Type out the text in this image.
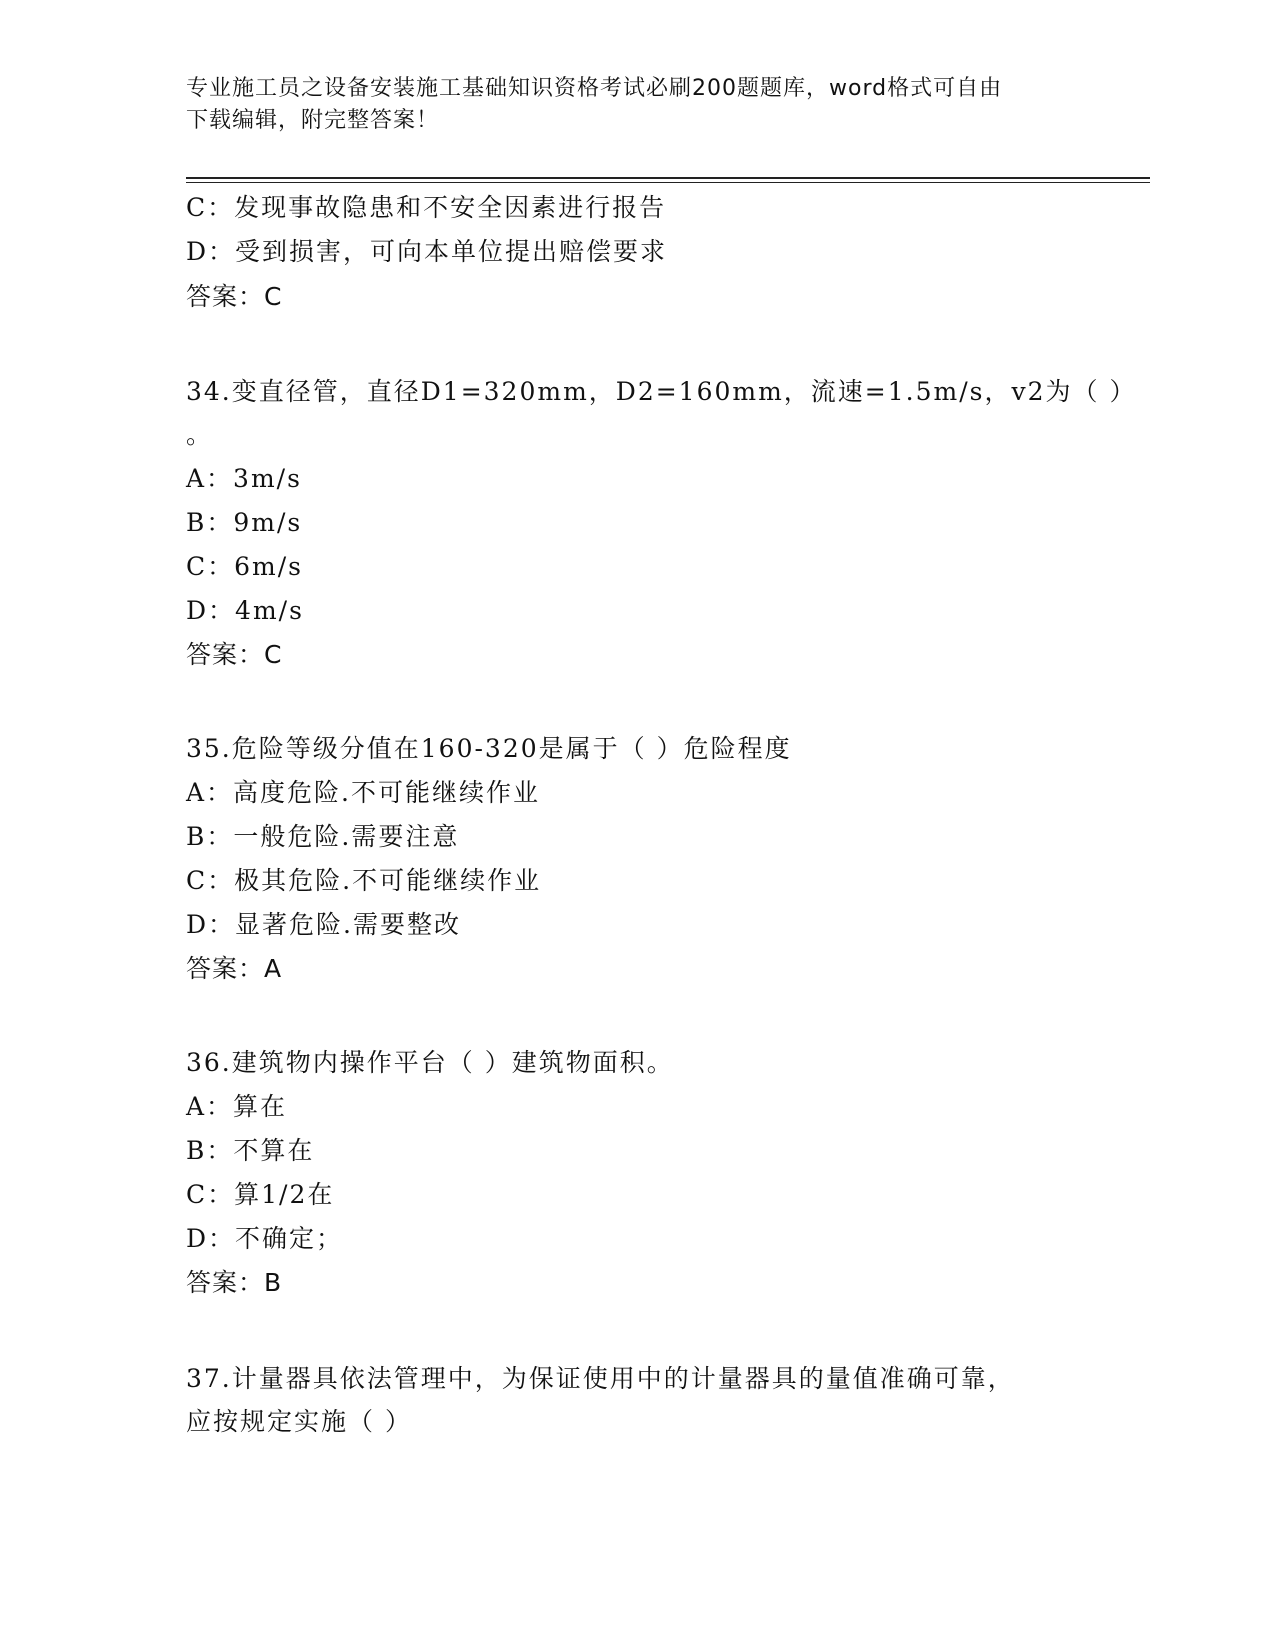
专业施工员之设备安装施工基础知识资格考试必刷200题题库，word格式可自由
下载编辑，附完整答案！
C：发现事故隐患和不安全因素进行报告
D：受到损害，可向本单位提出赔偿要求
答案：C
34.变直径管，直径D1=320mm，D2=160mm，流速=1.5m/s，v2为（ ）
。
A：3m/s
B：9m/s
C：6m/s
D：4m/s
答案：C
35.危险等级分值在160-320是属于（ ）危险程度
A：高度危险.不可能继续作业
B：一般危险.需要注意
C：极其危险.不可能继续作业
D：显著危险.需要整改
答案：A
36.建筑物内操作平台（ ）建筑物面积。
A：算在
B：不算在
C：算1/2在
D：不确定；
答案：B
37.计量器具依法管理中，为保证使用中的计量器具的量值准确可靠，
应按规定实施（ ）
